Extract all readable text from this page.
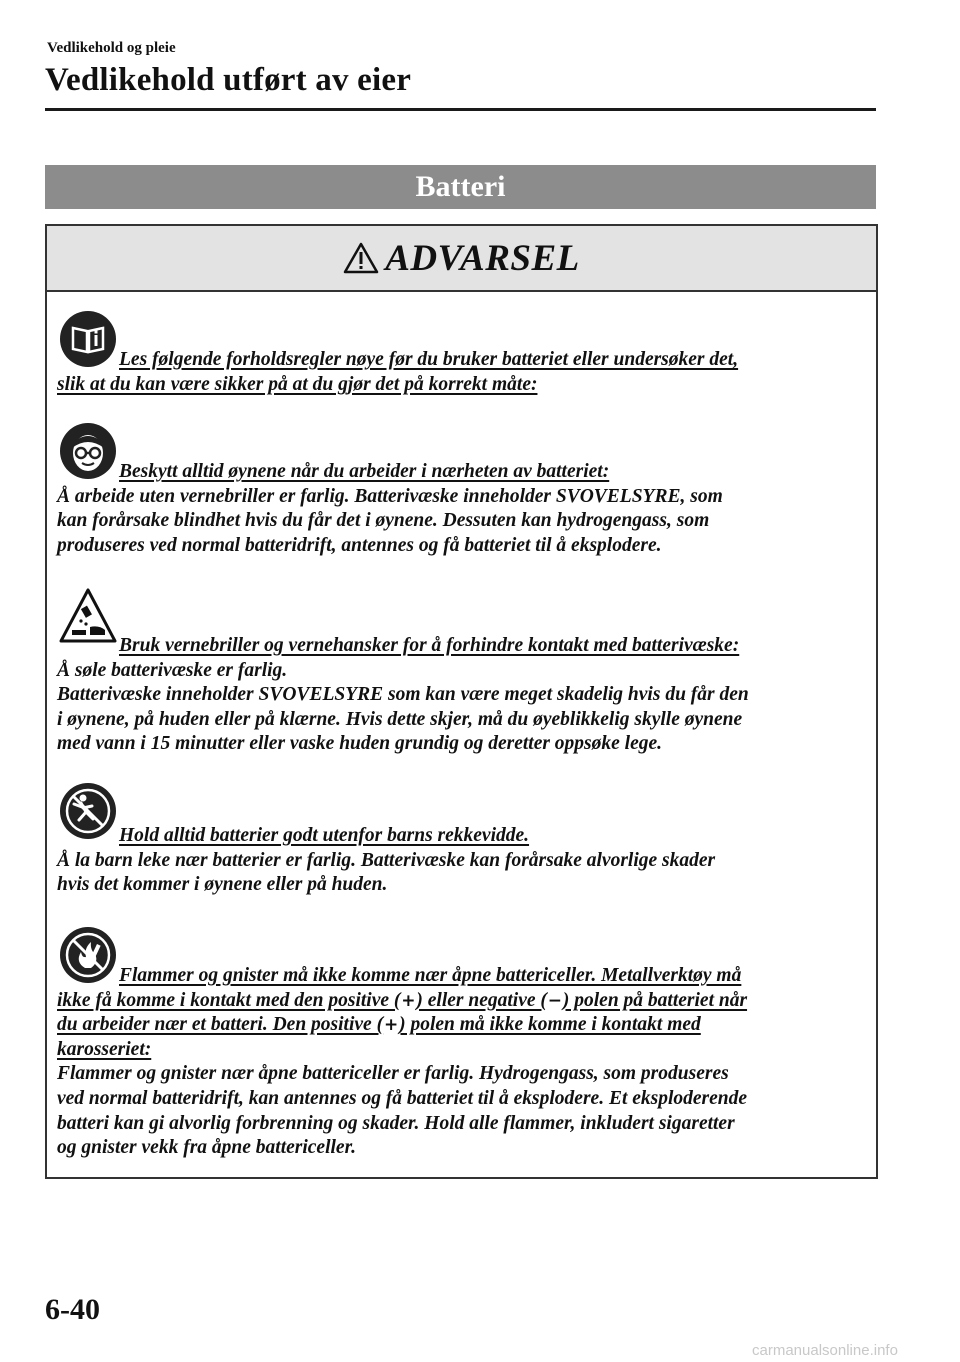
Vedlikehold og pleie
Vedlikehold utført av eier
Batteri
ADVARSEL
Les følgende forholdsregler nøye før du bruker batteriet eller undersøker det,
slik at du kan være sikker på at du gjør det på korrekt måte:
Beskytt alltid øynene når du arbeider i nærheten av batteriet:
Å arbeide uten vernebriller er farlig. Batterivæske inneholder SVOVELSYRE, som
kan forårsake blindhet hvis du får det i øynene. Dessuten kan hydrogengass, som
produseres ved normal batteridrift, antennes og få batteriet til å eksplodere.
Bruk vernebriller og vernehansker for å forhindre kontakt med batterivæske:
Å søle batterivæske er farlig.
Batterivæske inneholder SVOVELSYRE som kan være meget skadelig hvis du får den
i øynene, på huden eller på klærne. Hvis dette skjer, må du øyeblikkelig skylle øynene
med vann i 15 minutter eller vaske huden grundig og deretter oppsøke lege.
Hold alltid batterier godt utenfor barns rekkevidde.
Å la barn leke nær batterier er farlig. Batterivæske kan forårsake alvorlige skader
hvis det kommer i øynene eller på huden.
Flammer og gnister må ikke komme nær åpne battericeller. Metallverktøy må
ikke få komme i kontakt med den positive (+) eller negative (−) polen på batteriet når
du arbeider nær et batteri. Den positive (+) polen må ikke komme i kontakt med
karosseriet:
Flammer og gnister nær åpne battericeller er farlig. Hydrogengass, som produseres
ved normal batteridrift, kan antennes og få batteriet til å eksplodere. Et eksploderende
batteri kan gi alvorlig forbrenning og skader. Hold alle flammer, inkludert sigaretter
og gnister vekk fra åpne battericeller.
6-40
carmanualsonline.info
